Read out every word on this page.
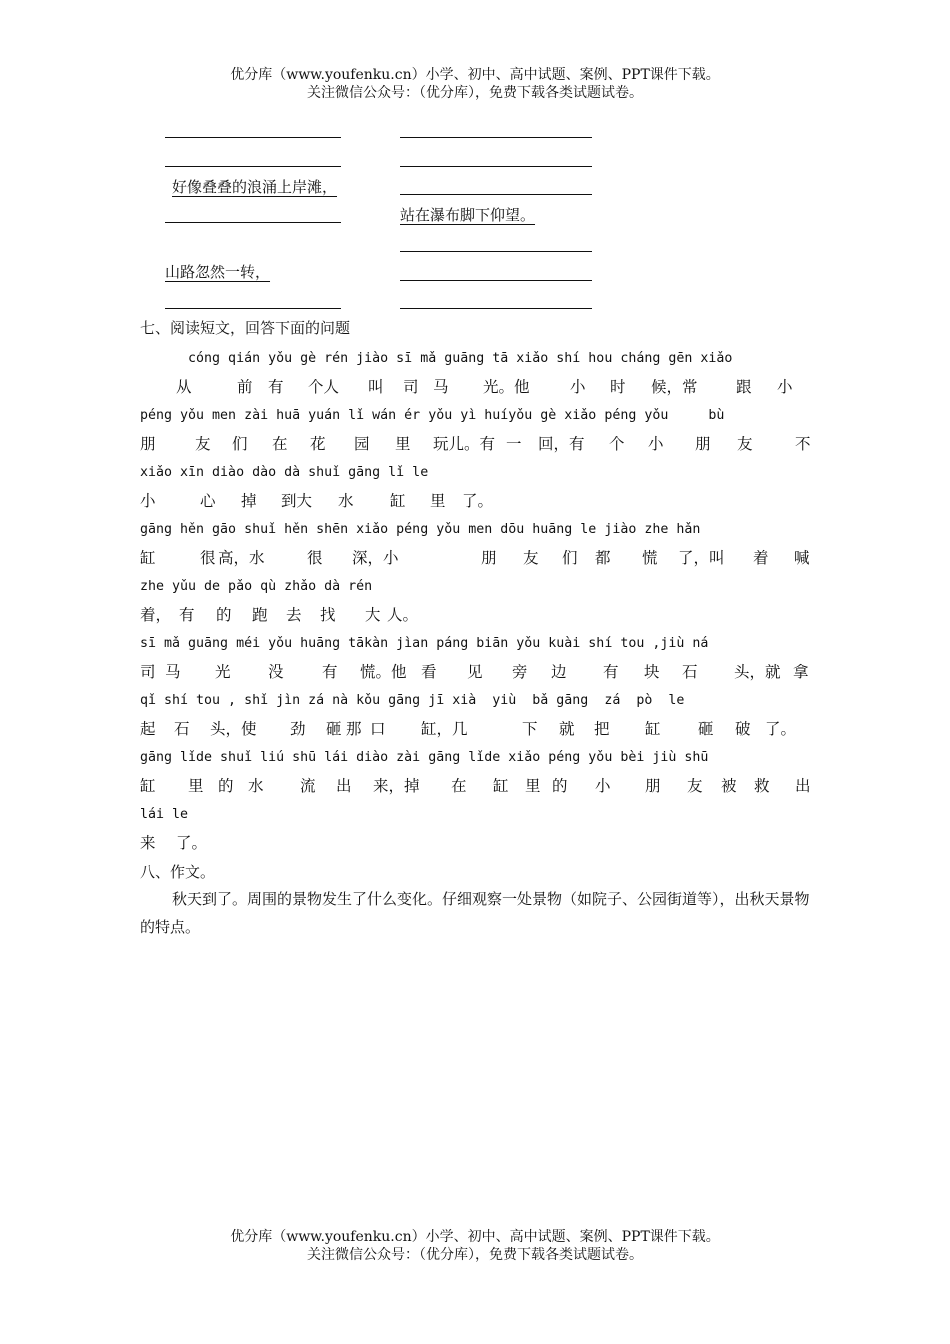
优分库（www.youfenku.cn）小学、初中、高中试题、案例、PPT课件下载。
关注微信公众号：（优分库），免费下载各类试题试卷。
好像叠叠的浪涌上岸滩，
站在瀑布脚下仰望。
山路忽然一转，
七、阅读短文，回答下面的问题
cóng qián yǒu gè rén jiào sī mǎ guāng tā xiǎo shí hou cháng gēn xiǎo
从	前 有 个人 叫 司 马 光。他	小 时 候，常 跟 小
péng yǒu men zài huā yuán lǐ wán ér yǒu yì huíyǒu gè xiǎo péng yǒu     bù
朋	友 们 在 花 园 里 玩儿。有 一 回，有 个 小 朋 友	不
xiǎo xīn diào dào dà shuǐ gāng lǐ le
小	心 掉 到大 水 缸 里 了。
gāng hěn gāo shuǐ hěn shēn xiǎo péng yǒu men dōu huāng le jiào zhe hǎn
缸	很 高，水	很 深，小	朋 友 们 都 慌 了，叫 着 喊
zhe yǔu de pǎo qù zhǎo dà rén
着， 有 的 跑 去 找 大 人。
sī mǎ guāng méi yǒu huāng tākàn jìan páng biān yǒu kuài shí tou ,jiù ná
司 马 光 没 有 慌。他 看 见 旁 边 有 块 石 头，就 拿
qǐ shí tou , shǐ jìn zá nà kǒu gāng jī xià  yiù  bǎ gāng  zá  pò  le
起 石 头，使 劲 砸 那 口 缸，几	下 就 把 缸 砸 破 了。
gāng lǐde shuǐ liú shū lái diào zài gāng lǐde xiǎo péng yǒu bèi jiù shū
缸 里 的 水 流 出 来，掉 在 缸 里 的 小 朋 友 被 救 出
lái le
来 了。
八、作文。
秋天到了。周围的景物发生了什么变化。仔细观察一处景物（如院子、公园街道等），出秋天景物的特点。
优分库（www.youfenku.cn）小学、初中、高中试题、案例、PPT课件下载。
关注微信公众号：（优分库），免费下载各类试题试卷。
